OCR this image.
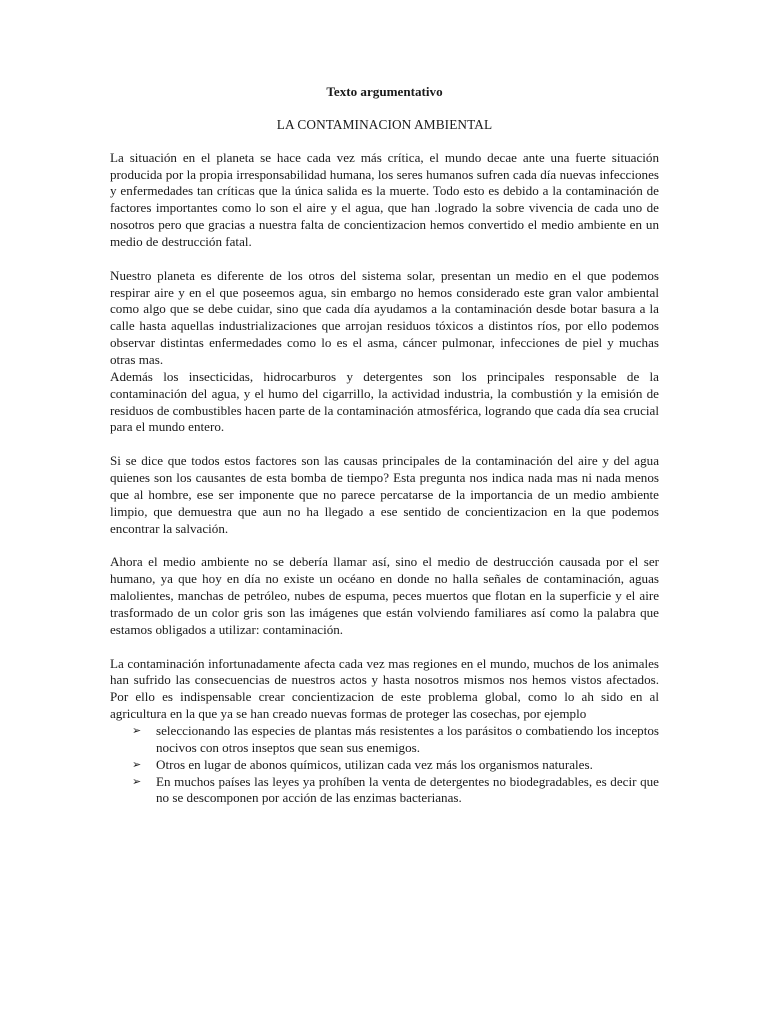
Texto argumentativo
LA CONTAMINACION AMBIENTAL

La situación en el planeta se hace cada vez más crítica, el mundo decae ante una fuerte situación producida por la propia irresponsabilidad humana, los seres humanos sufren cada día nuevas infecciones y enfermedades tan críticas que la única salida es la muerte. Todo esto es debido a la contaminación de factores importantes como lo son el aire y el agua, que han .logrado la sobre vivencia de cada uno de nosotros pero que gracias a nuestra falta de concientizacion hemos convertido el medio ambiente en un medio de destrucción fatal.

Nuestro planeta es diferente de los otros del sistema solar, presentan un medio en el que podemos respirar aire y en el que poseemos agua, sin embargo no hemos considerado este gran valor ambiental como algo que se debe cuidar, sino que cada día ayudamos a la contaminación desde botar basura a la calle hasta aquellas industrializaciones que arrojan residuos tóxicos a distintos ríos, por ello podemos observar distintas enfermedades como lo es el asma, cáncer pulmonar, infecciones de piel y muchas otras mas.

Además los insecticidas, hidrocarburos y detergentes son los principales responsable de la contaminación del agua, y el humo del cigarrillo, la actividad industria, la combustión y la emisión de residuos de combustibles hacen parte de la contaminación atmosférica, logrando que cada día sea crucial para el mundo entero.

Si se dice que todos estos factores son las causas principales de la contaminación del aire y del agua quienes son los causantes de esta bomba de tiempo? Esta pregunta nos indica nada mas ni nada menos que al hombre, ese ser imponente que no parece percatarse de la importancia de un medio ambiente limpio, que demuestra que aun no ha llegado a ese sentido de concientizacion en la que podemos encontrar la salvación.

Ahora el medio ambiente no se debería llamar así, sino el medio de destrucción causada por el ser humano, ya que hoy en día no existe un océano en donde no halla señales de contaminación, aguas malolientes, manchas de petróleo, nubes de espuma, peces muertos que flotan en la superficie y el aire trasformado de un color gris son las imágenes que están volviendo familiares así como la palabra que estamos obligados a utilizar: contaminación.

La contaminación infortunadamente afecta cada vez mas regiones en el mundo, muchos de los animales han sufrido las consecuencias de nuestros actos y hasta nosotros mismos nos hemos vistos afectados. Por ello es indispensable crear concientizacion de este problema global, como lo ah sido en al agricultura en la que ya se han creado nuevas formas de proteger las cosechas, por ejemplo

➢ seleccionando las especies de plantas más resistentes a los parásitos o combatiendo los inceptos nocivos con otros inseptos que sean sus enemigos.
➢ Otros en lugar de abonos químicos, utilizan cada vez más los organismos naturales.
➢ En muchos países las leyes ya prohíben la venta de detergentes no biodegradables, es decir que no se descomponen por acción de las enzimas bacterianas.
